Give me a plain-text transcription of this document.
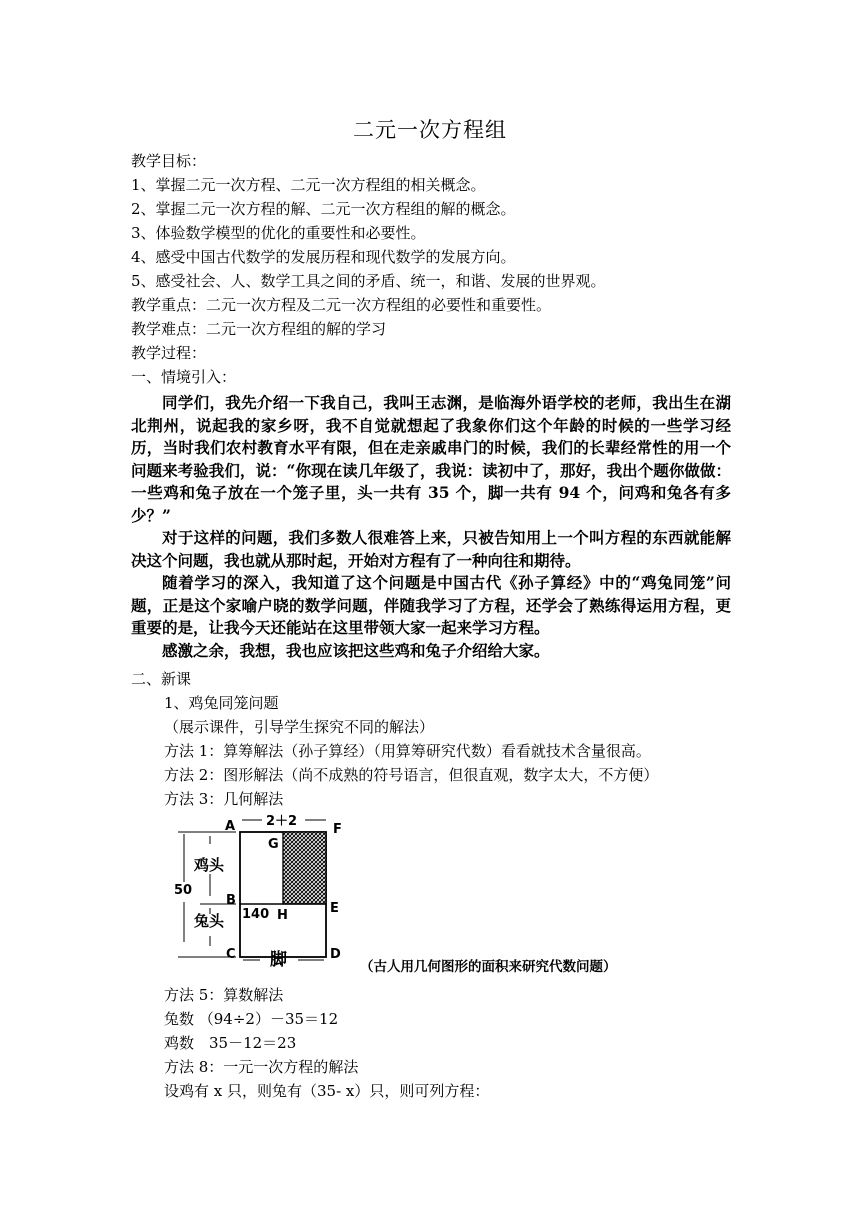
二元一次方程组
教学目标：
1、掌握二元一次方程、二元一次方程组的相关概念。
2、掌握二元一次方程的解、二元一次方程组的解的概念。
3、体验数学模型的优化的重要性和必要性。
4、感受中国古代数学的发展历程和现代数学的发展方向。
5、感受社会、人、数学工具之间的矛盾、统一，和谐、发展的世界观。
教学重点：二元一次方程及二元一次方程组的必要性和重要性。
教学难点：二元一次方程组的解的学习
教学过程：
一、情境引入：

同学们，我先介绍一下我自己，我叫王志渊，是临海外语学校的老师，我出生在湖北荆州，说起我的家乡呀，我不自觉就想起了我象你们这个年龄的时候的一些学习经历，当时我们农村教育水平有限，但在走亲戚串门的时候，我们的长辈经常性的用一个问题来考验我们，说：“你现在读几年级了，我说：读初中了，那好，我出个题你做做：一些鸡和兔子放在一个笼子里，头一共有 35 个，脚一共有 94 个，问鸡和兔各有多少？”

对于这样的问题，我们多数人很难答上来，只被告知用上一个叫方程的东西就能解决这个问题，我也就从那时起，开始对方程有了一种向往和期待。

随着学习的深入，我知道了这个问题是中国古代《孙子算经》中的“鸡兔同笼”问题，正是这个家喻户晓的数学问题，伴随我学习了方程，还学会了熟练得运用方程，更重要的是，让我今天还能站在这里带领大家一起来学习方程。

感激之余，我想，我也应该把这些鸡和兔子介绍给大家。

二、新课
1、鸡兔同笼问题
（展示课件，引导学生探究不同的解法）
方法 1：算筹解法（孙子算经）（用算筹研究代数）看看就技术含量很高。
方法 2：图形解法（尚不成熟的符号语言，但很直观，数字太大，不方便）
方法 3：几何解法
A 2＋2
F
G
鸡头
50
B
E
兔头 140 H
C 脚	D
（古人用几何图形的面积来研究代数问题）
方法 5：算数解法
兔数 （94÷2）－35＝12
鸡数　35－12＝23
方法 8：一元一次方程的解法
设鸡有 x 只，则兔有（35- x）只，则可列方程：
